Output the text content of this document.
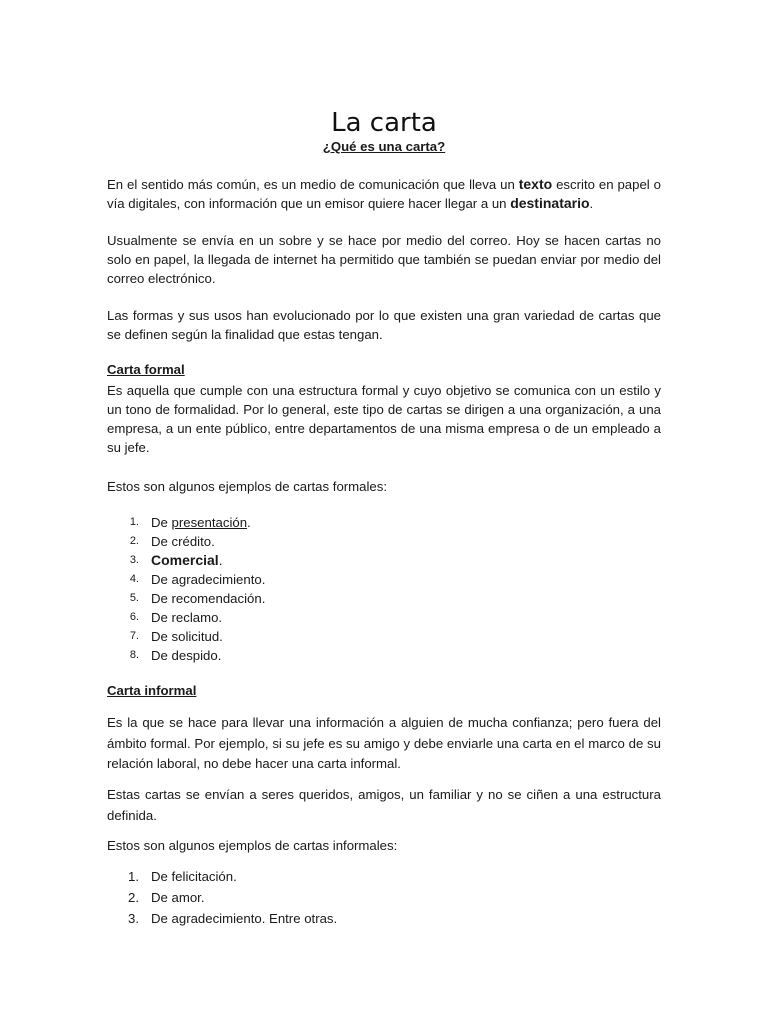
La carta
¿Qué es una carta?

En el sentido más común, es un medio de comunicación que lleva un texto escrito en papel o vía digitales, con información que un emisor quiere hacer llegar a un destinatario.

Usualmente se envía en un sobre y se hace por medio del correo. Hoy se hacen cartas no solo en papel, la llegada de internet ha permitido que también se puedan enviar por medio del correo electrónico.

Las formas y sus usos han evolucionado por lo que existen una gran variedad de cartas que se definen según la finalidad que estas tengan.

Carta formal

Es aquella que cumple con una estructura formal y cuyo objetivo se comunica con un estilo y un tono de formalidad. Por lo general, este tipo de cartas se dirigen a una organización, a una empresa, a un ente público, entre departamentos de una misma empresa o de un empleado a su jefe.

Estos son algunos ejemplos de cartas formales:

1. De presentación.
2. De crédito.
3. Comercial.
4. De agradecimiento.
5. De recomendación.
6. De reclamo.
7. De solicitud.
8. De despido.
Carta informal

Es la que se hace para llevar una información a alguien de mucha confianza; pero fuera del ámbito formal. Por ejemplo, si su jefe es su amigo y debe enviarle una carta en el marco de su relación laboral, no debe hacer una carta informal.

Estas cartas se envían a seres queridos, amigos, un familiar y no se ciñen a una estructura definida.

Estos son algunos ejemplos de cartas informales:

1. De felicitación.
2. De amor.
3. De agradecimiento. Entre otras.
